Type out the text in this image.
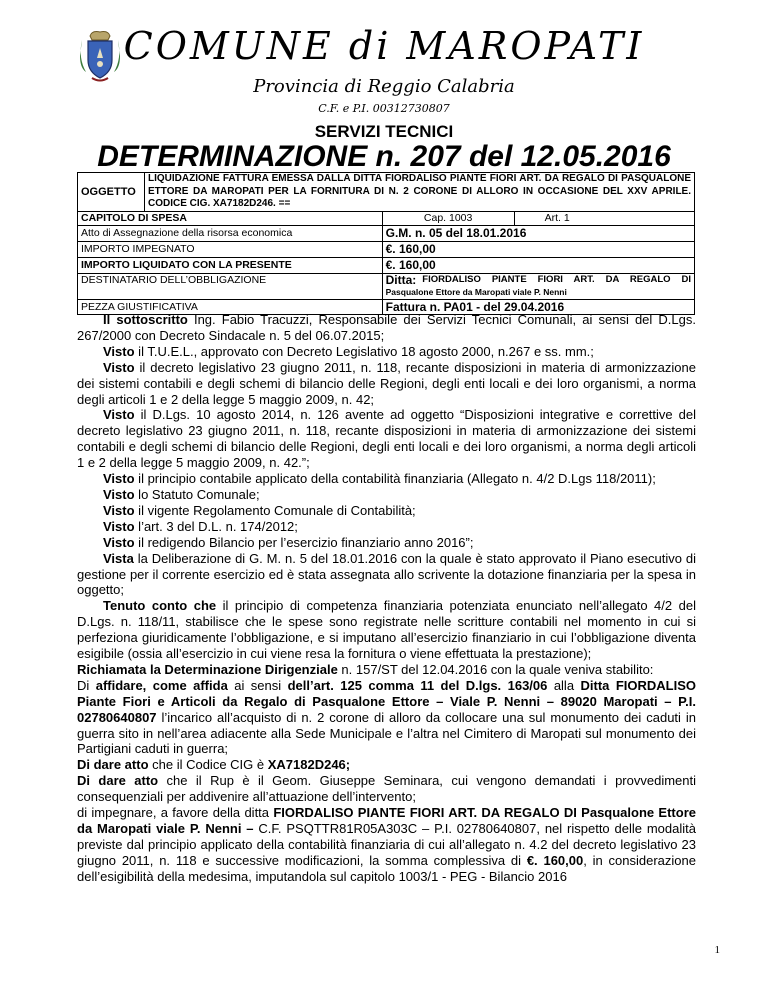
COMUNE di MAROPATI
Provincia di Reggio Calabria
C.F. e P.I. 00312730807
SERVIZI TECNICI
DETERMINAZIONE n. 207 del 12.05.2016
OGGETTO	LIQUIDAZIONE FATTURA EMESSA DALLA DITTA FIORDALISO PIANTE FIORI ART. DA REGALO DI PASQUALONE ETTORE DA MAROPATI PER LA FORNITURA DI N. 2 CORONE DI ALLORO IN OCCASIONE DEL XXV APRILE. CODICE CIG. XA7182D246. ==		
CAPITOLO DI SPESA		Cap. 1003	Art. 1
Atto di Assegnazione della risorsa economica		G.M. n. 05 del 18.01.2016	
IMPORTO IMPEGNATO		€. 160,00	
IMPORTO LIQUIDATO CON LA PRESENTE		€. 160,00	
DESTINATARIO DELL’OBBLIGAZIONE		Ditta: FIORDALISO PIANTE FIORI ART. DA REGALO DI
Pasqualone Ettore da Maropati viale P. Nenni	

PEZZA GIUSTIFICATIVA		Fattura n. PA01 - del 29.04.2016	

Il sottoscritto Ing. Fabio Tracuzzi, Responsabile dei Servizi Tecnici Comunali, ai sensi del D.Lgs. 267/2000 con Decreto Sindacale n. 5 del 06.07.2015;

Visto il T.U.E.L., approvato con Decreto Legislativo 18 agosto 2000, n.267 e ss. mm.;

Visto il decreto legislativo 23 giugno 2011, n. 118, recante disposizioni in materia di armonizzazione dei sistemi contabili e degli schemi di bilancio delle Regioni, degli enti locali e dei loro organismi, a norma degli articoli 1 e 2 della legge 5 maggio 2009, n. 42;

Visto il D.Lgs. 10 agosto 2014, n. 126 avente ad oggetto “Disposizioni integrative e correttive del decreto legislativo 23 giugno 2011, n. 118, recante disposizioni in materia di armonizzazione dei sistemi contabili e degli schemi di bilancio delle Regioni, degli enti locali e dei loro organismi, a norma degli articoli 1 e 2 della legge 5 maggio 2009, n. 42.”;

Visto il principio contabile applicato della contabilità finanziaria (Allegato n. 4/2 D.Lgs 118/2011);

Visto lo Statuto Comunale;

Visto il vigente Regolamento Comunale di Contabilità;

Visto l’art. 3 del D.L. n. 174/2012;

Visto il redigendo Bilancio per l’esercizio finanziario anno 2016”;

Vista la Deliberazione di G. M. n. 5 del 18.01.2016 con la quale è stato approvato il Piano esecutivo di gestione per il corrente esercizio ed è stata assegnata allo scrivente la dotazione finanziaria per la spesa in oggetto;

Tenuto conto che il principio di competenza finanziaria potenziata enunciato nell’allegato 4/2 del D.Lgs. n. 118/11, stabilisce che le spese sono registrate nelle scritture contabili nel momento in cui si perfeziona giuridicamente l’obbligazione, e si imputano all’esercizio finanziario in cui l’obbligazione diventa esigibile (ossia all’esercizio in cui viene resa la fornitura o viene effettuata la prestazione);

Richiamata la Determinazione Dirigenziale n. 157/ST del 12.04.2016 con la quale veniva stabilito:

Di affidare, come affida ai sensi dell’art. 125 comma 11 del D.lgs. 163/06 alla Ditta FIORDALISO Piante Fiori e Articoli da Regalo di Pasqualone Ettore – Viale P. Nenni – 89020 Maropati – P.I. 02780640807 l’incarico all’acquisto di n. 2 corone di alloro da collocare una sul monumento dei caduti in guerra sito in nell’area adiacente alla Sede Municipale e l’altra nel Cimitero di Maropati sul monumento dei Partigiani caduti in guerra;

Di dare atto che il Codice CIG è XA7182D246;

Di dare atto che il Rup è il Geom. Giuseppe Seminara, cui vengono demandati i provvedimenti consequenziali per addivenire all’attuazione dell’intervento;

di impegnare, a favore della ditta FIORDALISO PIANTE FIORI ART. DA REGALO DI Pasqualone Ettore da Maropati viale P. Nenni – C.F. PSQTTR81R05A303C – P.I. 02780640807, nel rispetto delle modalità previste dal principio applicato della contabilità finanziaria di cui all’allegato n. 4.2 del decreto legislativo 23 giugno 2011, n. 118 e successive modificazioni, la somma complessiva di €. 160,00, in considerazione dell’esigibilità della medesima, imputandola sul capitolo 1003/1 - PEG - Bilancio 2016

1
